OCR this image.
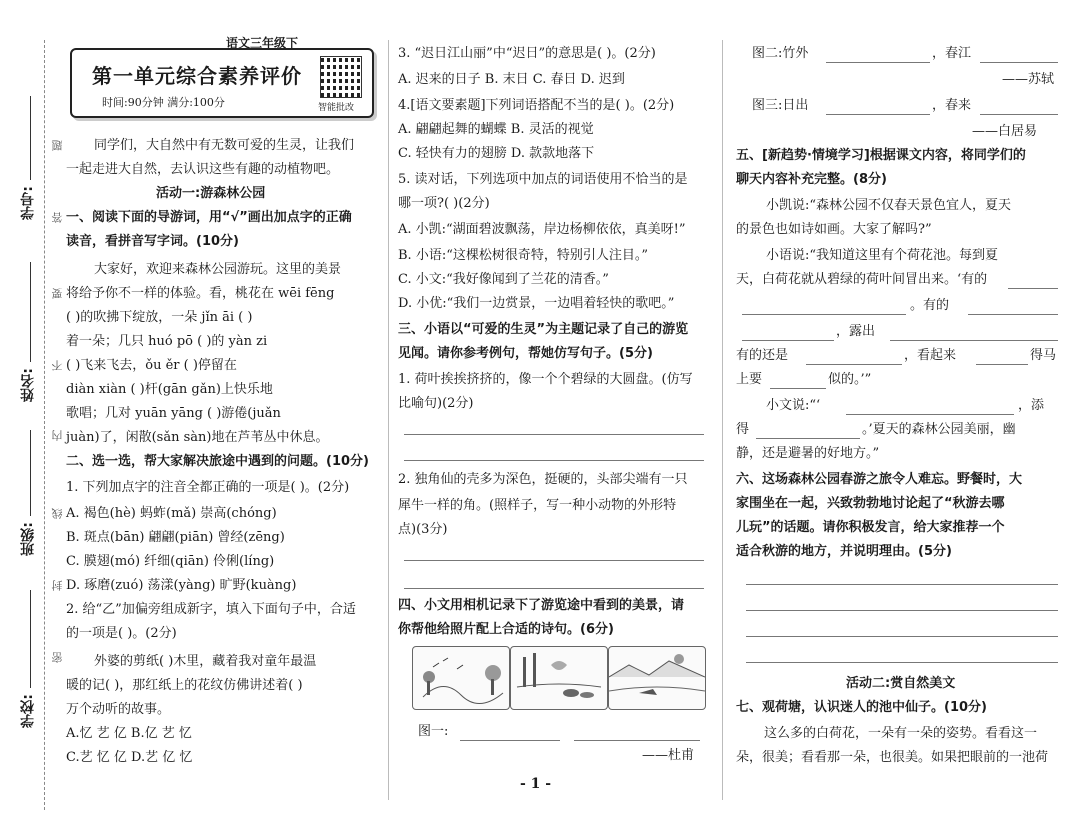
学号:
姓名:
班级:
学校:
题
答
要
不
内
线
封
密
语文三年级下
第一单元综合素养评价
时间:90分钟 满分:100分	智能批改
同学们，大自然中有无数可爱的生灵，让我们
一起走进大自然，去认识这些有趣的动植物吧。
活动一:游森林公园
一、阅读下面的导游词，用“√”画出加点字的正确
读音，看拼音写字词。(10分)
大家好，欢迎来森林公园游玩。这里的美景
将给予你不一样的体验。看，桃花在 wēi fēng
( )的吹拂下绽放，一朵 jǐn āi ( )
着一朵；几只 huó pō ( )的 yàn zi
( )飞来飞去，ǒu ěr ( )停留在
diàn xiàn ( )杆(gān gǎn)上快乐地
歌唱；几对 yuān yāng ( )游倦(juǎn
juàn)了，闲散(sǎn sàn)地在芦苇丛中休息。
二、选一选，帮大家解决旅途中遇到的问题。(10分)
1. 下列加点字的注音全都正确的一项是( )。(2分)
A. 褐色(hè) 蚂蚱(mǎ) 崇高(chóng)
B. 斑点(bān) 翩翩(piān) 曾经(zēng)
C. 膜翅(mó) 纤细(qiān) 伶俐(líng)
D. 琢磨(zuó) 荡漾(yàng) 旷野(kuàng)
2. 给“乙”加偏旁组成新字，填入下面句子中，合适
的一项是( )。(2分)
外婆的剪纸( )木里，藏着我对童年最温
暖的记( )，那红纸上的花纹仿佛讲述着( )
万个动听的故事。
A.忆 艺 亿 B.亿 艺 忆
C.艺 忆 亿 D.艺 亿 忆
3. “迟日江山丽”中“迟日”的意思是( )。(2分)
A. 迟来的日子 B. 末日 C. 春日 D. 迟到
4.[语文要素题]下列词语搭配不当的是( )。(2分)
A. 翩翩起舞的蝴蝶 B. 灵活的视觉
C. 轻快有力的翅膀 D. 款款地落下
5. 读对话，下列选项中加点的词语使用不恰当的是
哪一项?( )(2分)
A. 小凯:“湖面碧波飘荡，岸边杨柳依依，真美呀!”
B. 小语:“这棵松树很奇特，特别引人注目。”
C. 小文:“我好像闻到了兰花的清香。”
D. 小优:“我们一边赏景，一边唱着轻快的歌吧。”
三、小语以“可爱的生灵”为主题记录了自己的游览
见闻。请你参考例句，帮她仿写句子。(5分)
1. 荷叶挨挨挤挤的，像一个个碧绿的大圆盘。(仿写
比喻句)(2分)
2. 独角仙的壳多为深色，挺硬的，头部尖端有一只
犀牛一样的角。(照样子，写一种小动物的外形特
点)(3分)
四、小文用相机记录下了游览途中看到的美景，请
你帮他给照片配上合适的诗句。(6分)
图一:
——杜甫
- 1 -
图二:竹外	，春江
——苏轼
图三:日出	，春来
——白居易
五、[新趋势·情境学习]根据课文内容，将同学们的
聊天内容补充完整。(8分)
小凯说:“森林公园不仅春天景色宜人，夏天
的景色也如诗如画。大家了解吗?”
小语说:“我知道这里有个荷花池。每到夏
天，白荷花就从碧绿的荷叶间冒出来。‘有的
。有的
，露出
有的还是	，看起来	得马
上要	似的。’”
小文说:“‘	，添
得	。’夏天的森林公园美丽，幽
静，还是避暑的好地方。”
六、这场森林公园春游之旅令人难忘。野餐时，大
家围坐在一起，兴致勃勃地讨论起了“秋游去哪
儿玩”的话题。请你积极发言，给大家推荐一个
适合秋游的地方，并说明理由。(5分)
活动二:赏自然美文
七、观荷塘，认识迷人的池中仙子。(10分)
这么多的白荷花，一朵有一朵的姿势。看看这一
朵，很美；看看那一朵，也很美。如果把眼前的一池荷
